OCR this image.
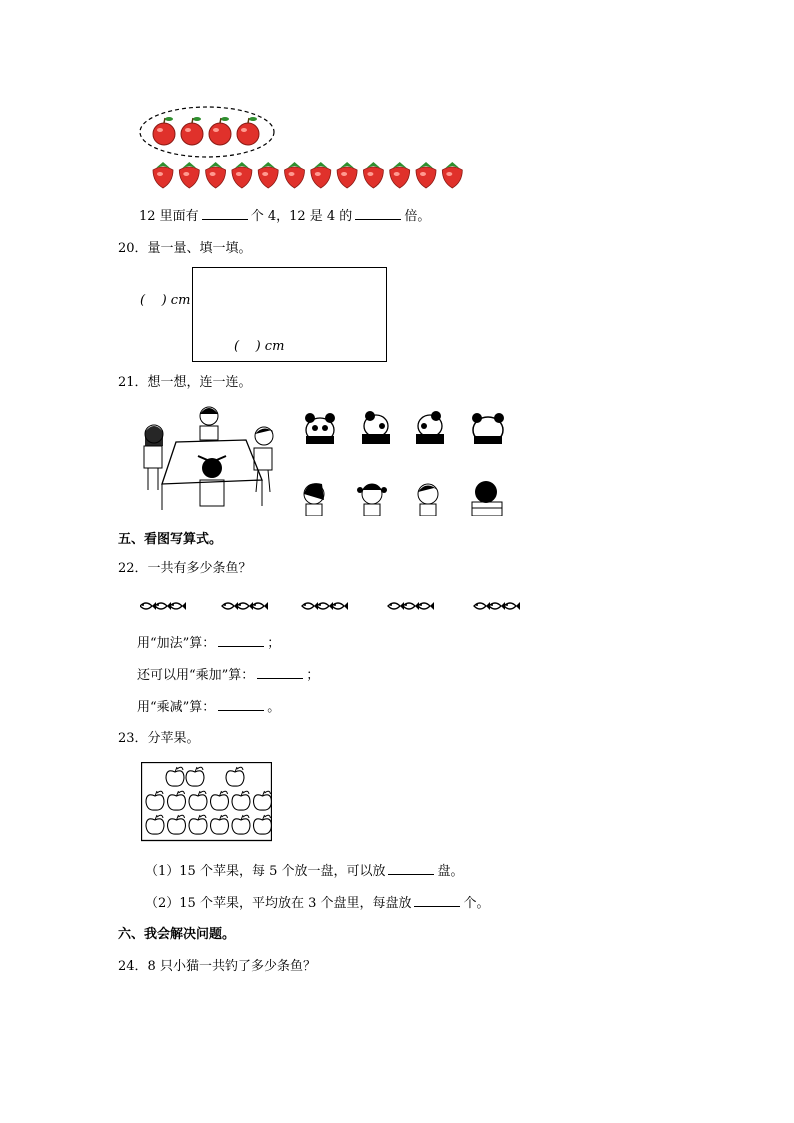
12 里面有	个 4，12 是 4 的	倍。
20．量一量、填一填。
(    ) cm
(    ) cm
21．想一想，连一连。
五、看图写算式。
22．一共有多少条鱼？
用“加法”算：	；
还可以用“乘加”算：	；
用“乘减”算：	。
23．分苹果。
（1）15 个苹果，每 5 个放一盘，可以放	盘。
（2）15 个苹果，平均放在 3 个盘里，每盘放	个。
六、我会解决问题。
24．8 只小猫一共钓了多少条鱼？
